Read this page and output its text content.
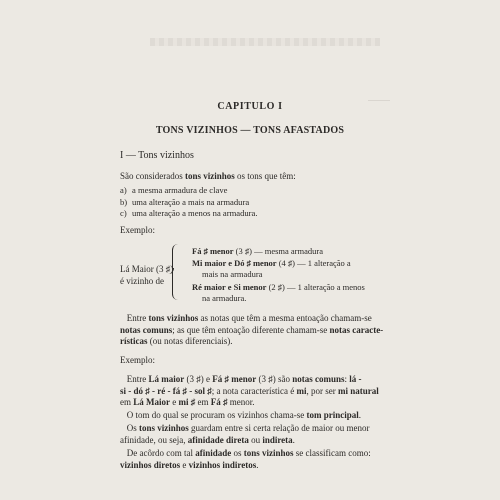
CAPITULO I
TONS VIZINHOS — TONS AFASTADOS
I — Tons vizinhos
São considerados tons vizinhos os tons que têm:
a) a mesma armadura de clave
b) uma alteração a mais na armadura
c) uma alteração a menos na armadura.
Exemplo:
Lá Maior (3 ♯)
é vizinho de
Fá ♯ menor (3 ♯) — mesma armadura
Mi maior e Dó ♯ menor (4 ♯) — 1 alteração a
mais na armadura
Ré maior e Si menor (2 ♯) — 1 alteração a menos
na armadura.
Entre tons vizinhos as notas que têm a mesma entoação chamam-se
notas comuns; as que têm entoação diferente chamam-se notas caracte-
rísticas (ou notas diferenciais).
Exemplo:
Entre Lá maior (3 ♯) e Fá ♯ menor (3 ♯) são notas comuns: lá -
si - dó ♯ - ré - fá ♯ - sol ♯; a nota característica é mi, por ser mi natural
em Lá Maior e mi ♯ em Fá ♯ menor.
O tom do qual se procuram os vizinhos chama-se tom principal.
Os tons vizinhos guardam entre si certa relação de maior ou menor
afinidade, ou seja, afinidade direta ou indireta.
De acôrdo com tal afinidade os tons vizinhos se classificam como:
vizinhos diretos e vizinhos indiretos.
